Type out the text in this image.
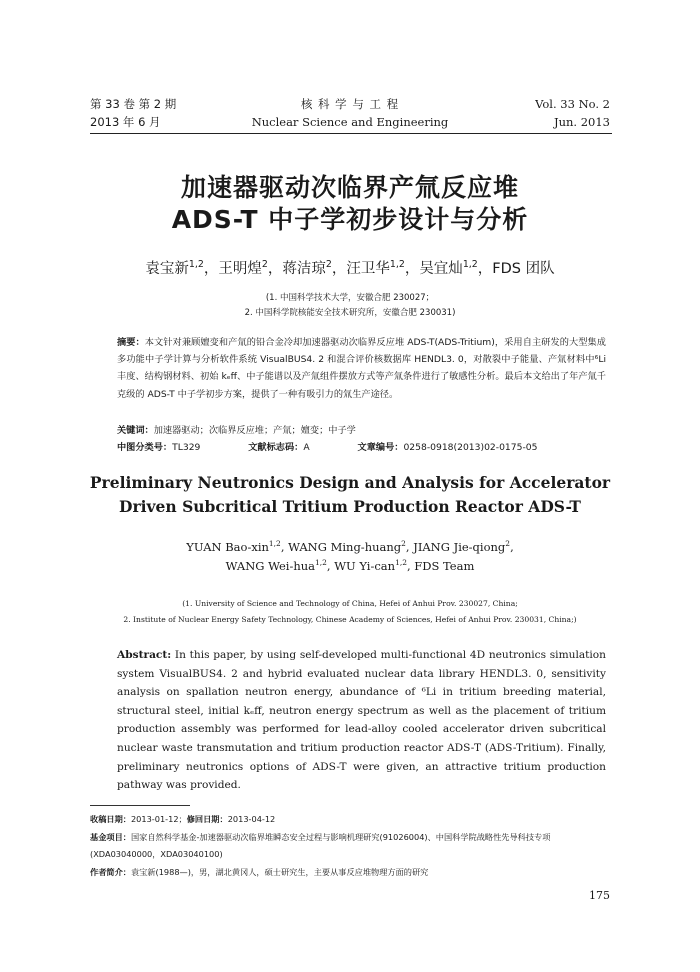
第 33 卷 第 2 期
2013 年 6 月
核 科 学 与 工 程
Nuclear Science and Engineering
Vol. 33 No. 2
Jun. 2013
加速器驱动次临界产氚反应堆
ADS-T 中子学初步设计与分析
袁宝新$^{1,2}$，王明煌$^2$，蒋洁琼$^2$，汪卫华$^{1,2}$，吴宜灿$^{1,2}$，FDS 团队
(1. 中国科学技术大学，安徽合肥 230027；
2. 中国科学院核能安全技术研究所，安徽合肥 230031)

摘要：本文针对兼顾嬗变和产氚的铅合金冷却加速器驱动次临界反应堆 ADS-T(ADS-Tritium)，采用自主研发的大型集成多功能中子学计算与分析软件系统 VisualBUS4. 2 和混合评价核数据库 HENDL3. 0，对散裂中子能量、产氚材料中⁶Li 丰度、结构钢材料、初始 kₑff、中子能谱以及产氚组件摆放方式等产氚条件进行了敏感性分析。最后本文给出了年产氚千克级的 ADS-T 中子学初步方案，提供了一种有吸引力的氚生产途径。

关键词：加速器驱动；次临界反应堆；产氚；嬗变；中子学
中图分类号：TL329	文献标志码：A	文章编号：0258-0918(2013)02-0175-05
Preliminary Neutronics Design and Analysis for Accelerator
Driven Subcritical Tritium Production Reactor ADS-T
YUAN Bao-xin$^{1,2}$, WANG Ming-huang$^2$, JIANG Jie-qiong$^2$,
WANG Wei-hua$^{1,2}$, WU Yi-can$^{1,2}$, FDS Team
(1. University of Science and Technology of China, Hefei of Anhui Prov. 230027, China;
2. Institute of Nuclear Energy Safety Technology, Chinese Academy of Sciences, Hefei of Anhui Prov. 230031, China;)

Abstract: In this paper, by using self-developed multi-functional 4D neutronics simulation system VisualBUS4. 2 and hybrid evaluated nuclear data library HENDL3. 0, sensitivity analysis on spallation neutron energy, abundance of ⁶Li in tritium breeding material, structural steel, initial kₑff, neutron energy spectrum as well as the placement of tritium production assembly was performed for lead-alloy cooled accelerator driven subcritical nuclear waste transmutation and tritium production reactor ADS-T (ADS-Tritium). Finally, preliminary neutronics options of ADS-T were given, an attractive tritium production pathway was provided.

收稿日期：2013-01-12；修回日期：2013-04-12
基金项目：国家自然科学基金-加速器驱动次临界堆瞬态安全过程与影响机理研究(91026004)、中国科学院战略性先导科技专项
(XDA03040000，XDA03040100)
作者简介：袁宝新(1988—)，男，湖北黄冈人，硕士研究生，主要从事反应堆物理方面的研究
175
